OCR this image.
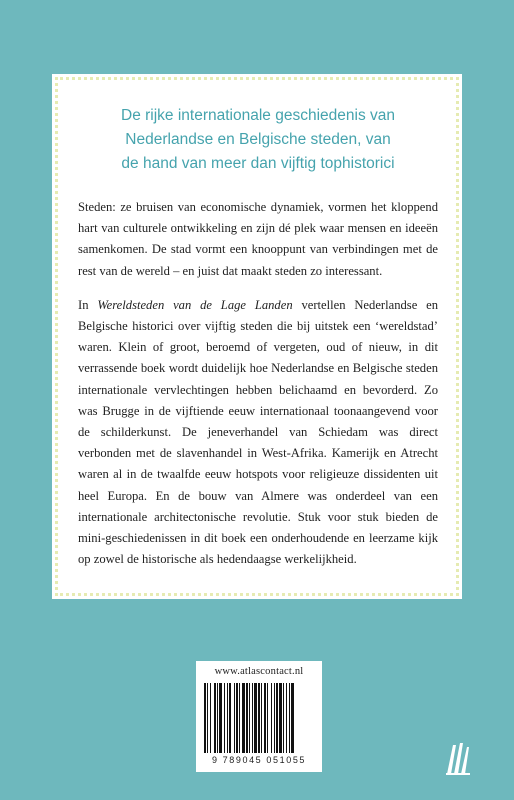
De rijke internationale geschiedenis van
Nederlandse en Belgische steden, van
de hand van meer dan vijftig tophistorici

Steden: ze bruisen van economische dynamiek, vormen het kloppend hart van culturele ontwikkeling en zijn dé plek waar mensen en ideeën samenkomen. De stad vormt een knooppunt van verbindingen met de rest van de wereld – en juist dat maakt steden zo interessant.

In Wereldsteden van de Lage Landen vertellen Nederlandse en Belgische historici over vijftig steden die bij uitstek een ‘wereldstad’ waren. Klein of groot, beroemd of vergeten, oud of nieuw, in dit verrassende boek wordt duidelijk hoe Nederlandse en Belgische steden internationale vervlechtingen hebben belichaamd en bevorderd. Zo was Brugge in de vijftiende eeuw internationaal toonaangevend voor de schilderkunst. De jeneverhandel van Schiedam was direct verbonden met de slavenhandel in West-Afrika. Kamerijk en Atrecht waren al in de twaalfde eeuw hotspots voor religieuze dissidenten uit heel Europa. En de bouw van Almere was onderdeel van een internationale architectonische revolutie. Stuk voor stuk bieden de mini-geschiedenissen in dit boek een onderhoudende en leerzame kijk op zowel de historische als hedendaagse werkelijkheid.

www.atlascontact.nl
9 789045 051055
